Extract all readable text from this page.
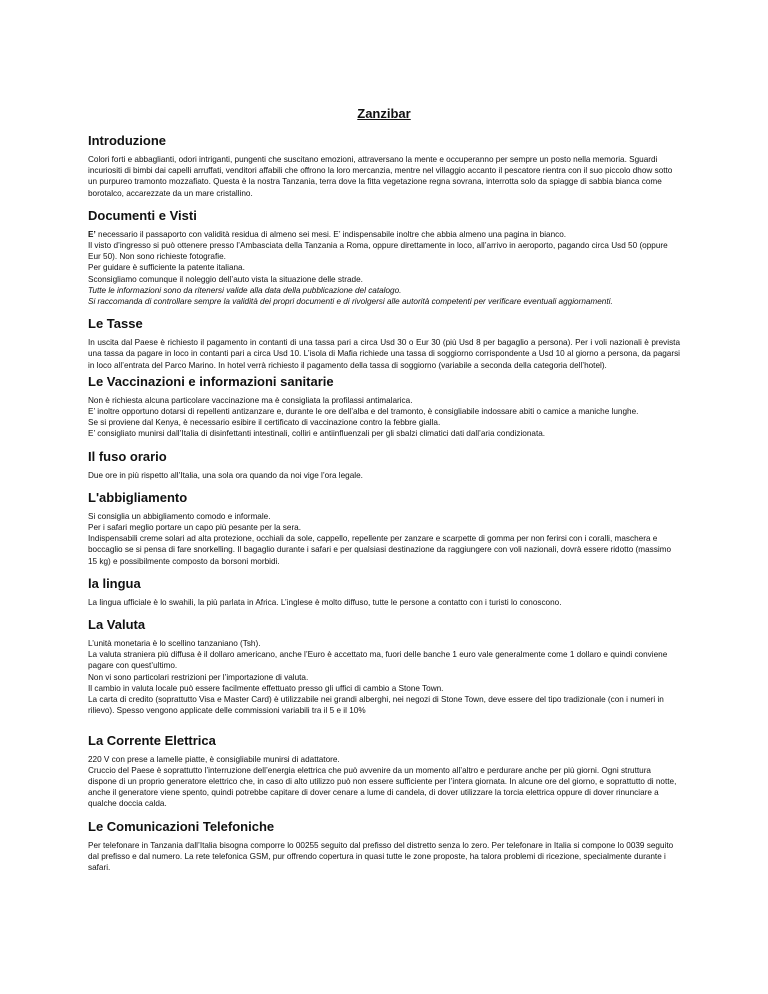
Zanzibar
Introduzione

Colori forti e abbaglianti, odori intriganti, pungenti che suscitano emozioni, attraversano la mente e occuperanno per sempre un posto nella memoria. Sguardi incuriositi di bimbi dai capelli arruffati, venditori affabili che offrono la loro mercanzia, mentre nel villaggio accanto il pescatore rientra con il suo piccolo dhow sotto un purpureo tramonto mozzafiato. Questa è la nostra Tanzania, terra dove la fitta vegetazione regna sovrana, interrotta solo da spiagge di sabbia bianca come borotalco, accarezzate da un mare cristallino.

Documenti e Visti

E’ necessario il passaporto con validità residua di almeno sei mesi. E’ indispensabile inoltre che abbia almeno una pagina in bianco.

Il visto d’ingresso si può ottenere presso l’Ambasciata della Tanzania a Roma, oppure direttamente in loco, all’arrivo in aeroporto, pagando circa Usd 50 (oppure Eur 50). Non sono richieste fotografie.

Per guidare è sufficiente la patente italiana.

Sconsigliamo comunque il noleggio dell’auto vista la situazione delle strade.

Tutte le informazioni sono da ritenersi valide alla data della pubblicazione del catalogo.

Si raccomanda di controllare sempre la validità dei propri documenti e di rivolgersi alle autorità competenti per verificare eventuali aggiornamenti.

Le Tasse

In uscita dal Paese è richiesto il pagamento in contanti di una tassa pari a circa Usd 30 o Eur 30 (più Usd 8 per bagaglio a persona). Per i voli nazionali è prevista una tassa da pagare in loco in contanti pari a circa Usd 10. L’isola di Mafia richiede una tassa di soggiorno corrispondente a Usd 10 al giorno a persona, da pagarsi in loco all’entrata del Parco Marino. In hotel verrà richiesto il pagamento della tassa di soggiorno (variabile a seconda della categoria dell’hotel).

Le Vaccinazioni e informazioni sanitarie

Non è richiesta alcuna particolare vaccinazione ma è consigliata la profilassi antimalarica.

E’ inoltre opportuno dotarsi di repellenti antizanzare e, durante le ore dell’alba e del tramonto, è consigliabile indossare abiti o camice a maniche lunghe.

Se si proviene dal Kenya, è necessario esibire il certificato di vaccinazione contro la febbre gialla.

E’ consigliato munirsi dall’Italia di disinfettanti intestinali, colliri e antiinfluenzali per gli sbalzi climatici dati dall’aria condizionata.

Il fuso orario

Due ore in più rispetto all’Italia, una sola ora quando da noi vige l’ora legale.

L'abbigliamento

Si consiglia un abbigliamento comodo e informale.

Per i safari meglio portare un capo più pesante per la sera.

Indispensabili creme solari ad alta protezione, occhiali da sole, cappello, repellente per zanzare e scarpette di gomma per non ferirsi con i coralli, maschera e boccaglio se si pensa di fare snorkelling. Il bagaglio durante i safari e per qualsiasi destinazione da raggiungere con voli nazionali, dovrà essere ridotto (massimo 15 kg) e possibilmente composto da borsoni morbidi.

la lingua

La lingua ufficiale è lo swahili, la più parlata in Africa. L’inglese è molto diffuso, tutte le persone a contatto con i turisti lo conoscono.

La Valuta

L’unità monetaria è lo scellino tanzaniano (Tsh).

La valuta straniera più diffusa è il dollaro americano, anche l’Euro è accettato ma, fuori delle banche 1 euro vale generalmente come 1 dollaro e quindi conviene pagare con quest’ultimo.

Non vi sono particolari restrizioni per l’importazione di valuta.

Il cambio in valuta locale può essere facilmente effettuato presso gli uffici di cambio a Stone Town.

La carta di credito (soprattutto Visa e Master Card) è utilizzabile nei grandi alberghi, nei negozi di Stone Town, deve essere del tipo tradizionale (con i numeri in rilievo). Spesso vengono applicate delle commissioni variabili tra il 5 e il 10%

La Corrente Elettrica

220 V con prese a lamelle piatte, è consigliabile munirsi di adattatore.

Cruccio del Paese è soprattutto l’interruzione dell’energia elettrica che può avvenire da un momento all’altro e perdurare anche per più giorni. Ogni struttura dispone di un proprio generatore elettrico che, in caso di alto utilizzo può non essere sufficiente per l’intera giornata. In alcune ore del giorno, e soprattutto di notte, anche il generatore viene spento, quindi potrebbe capitare di dover cenare a lume di candela, di dover utilizzare la torcia elettrica oppure di dover rinunciare a qualche doccia calda.

Le Comunicazioni Telefoniche

Per telefonare in Tanzania dall’Italia bisogna comporre lo 00255 seguito dal prefisso del distretto senza lo zero. Per telefonare in Italia si compone lo 0039 seguito dal prefisso e dal numero. La rete telefonica GSM, pur offrendo copertura in quasi tutte le zone proposte, ha talora problemi di ricezione, specialmente durante i safari.
